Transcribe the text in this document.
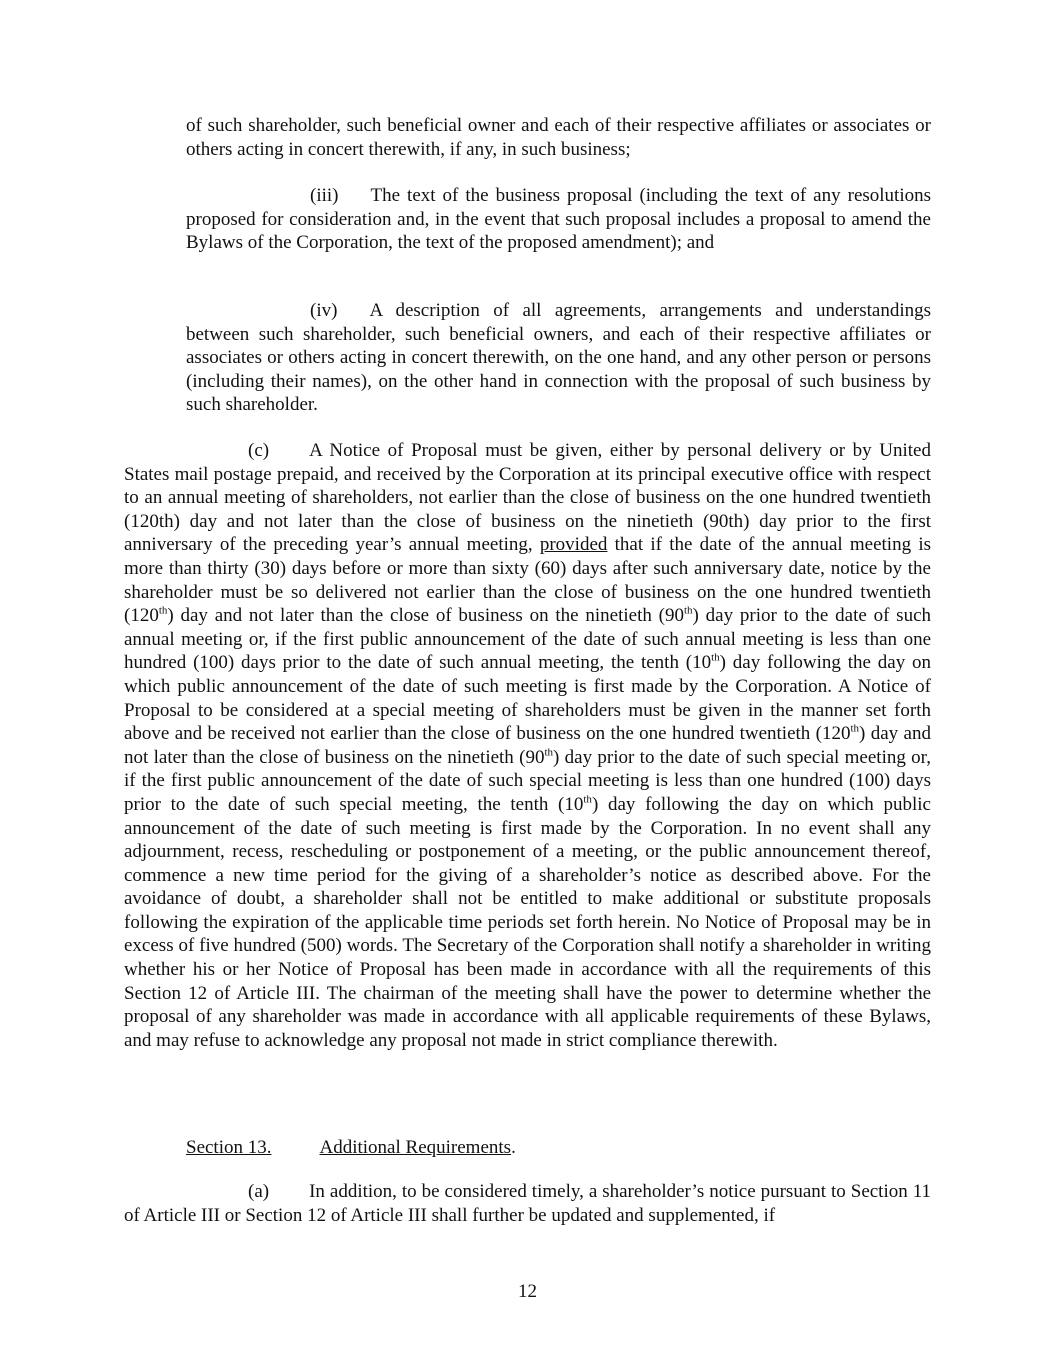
of such shareholder, such beneficial owner and each of their respective affiliates or associates or others acting in concert therewith, if any, in such business;

(iii) The text of the business proposal (including the text of any resolutions proposed for consideration and, in the event that such proposal includes a proposal to amend the Bylaws of the Corporation, the text of the proposed amendment); and

(iv) A description of all agreements, arrangements and understandings between such shareholder, such beneficial owners, and each of their respective affiliates or associates or others acting in concert therewith, on the one hand, and any other person or persons (including their names), on the other hand in connection with the proposal of such business by such shareholder.

(c) A Notice of Proposal must be given, either by personal delivery or by United States mail postage prepaid, and received by the Corporation at its principal executive office with respect to an annual meeting of shareholders, not earlier than the close of business on the one hundred twentieth (120th) day and not later than the close of business on the ninetieth (90th) day prior to the first anniversary of the preceding year’s annual meeting, provided that if the date of the annual meeting is more than thirty (30) days before or more than sixty (60) days after such anniversary date, notice by the shareholder must be so delivered not earlier than the close of business on the one hundred twentieth (120th) day and not later than the close of business on the ninetieth (90th) day prior to the date of such annual meeting or, if the first public announcement of the date of such annual meeting is less than one hundred (100) days prior to the date of such annual meeting, the tenth (10th) day following the day on which public announcement of the date of such meeting is first made by the Corporation. A Notice of Proposal to be considered at a special meeting of shareholders must be given in the manner set forth above and be received not earlier than the close of business on the one hundred twentieth (120th) day and not later than the close of business on the ninetieth (90th) day prior to the date of such special meeting or, if the first public announcement of the date of such special meeting is less than one hundred (100) days prior to the date of such special meeting, the tenth (10th) day following the day on which public announcement of the date of such meeting is first made by the Corporation. In no event shall any adjournment, recess, rescheduling or postponement of a meeting, or the public announcement thereof, commence a new time period for the giving of a shareholder’s notice as described above. For the avoidance of doubt, a shareholder shall not be entitled to make additional or substitute proposals following the expiration of the applicable time periods set forth herein. No Notice of Proposal may be in excess of five hundred (500) words. The Secretary of the Corporation shall notify a shareholder in writing whether his or her Notice of Proposal has been made in accordance with all the requirements of this Section 12 of Article III. The chairman of the meeting shall have the power to determine whether the proposal of any shareholder was made in accordance with all applicable requirements of these Bylaws, and may refuse to acknowledge any proposal not made in strict compliance therewith.

Section 13.	Additional Requirements.

(a) In addition, to be considered timely, a shareholder’s notice pursuant to Section 11 of Article III or Section 12 of Article III shall further be updated and supplemented, if

12
